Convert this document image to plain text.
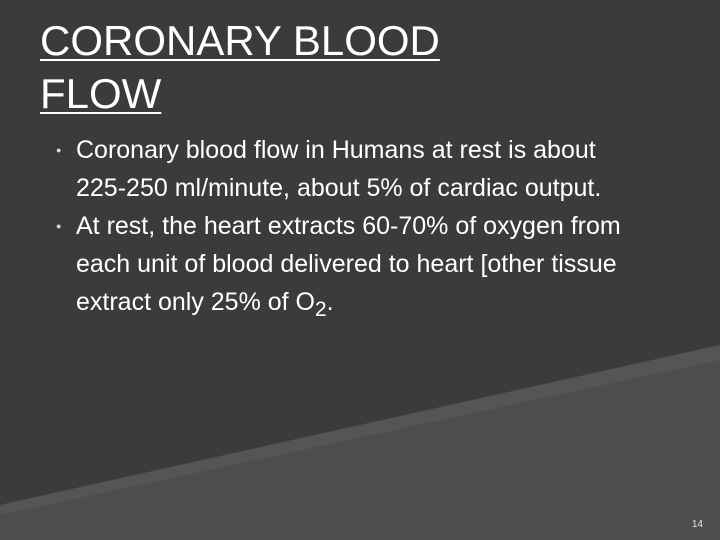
CORONARY BLOOD
FLOW
● Coronary blood flow in Humans at rest is about 225-250 ml/minute, about 5% of cardiac output.
● At rest, the heart extracts 60-70% of oxygen from each unit of blood delivered to heart [other tissue extract only 25% of $O_2$.
14
